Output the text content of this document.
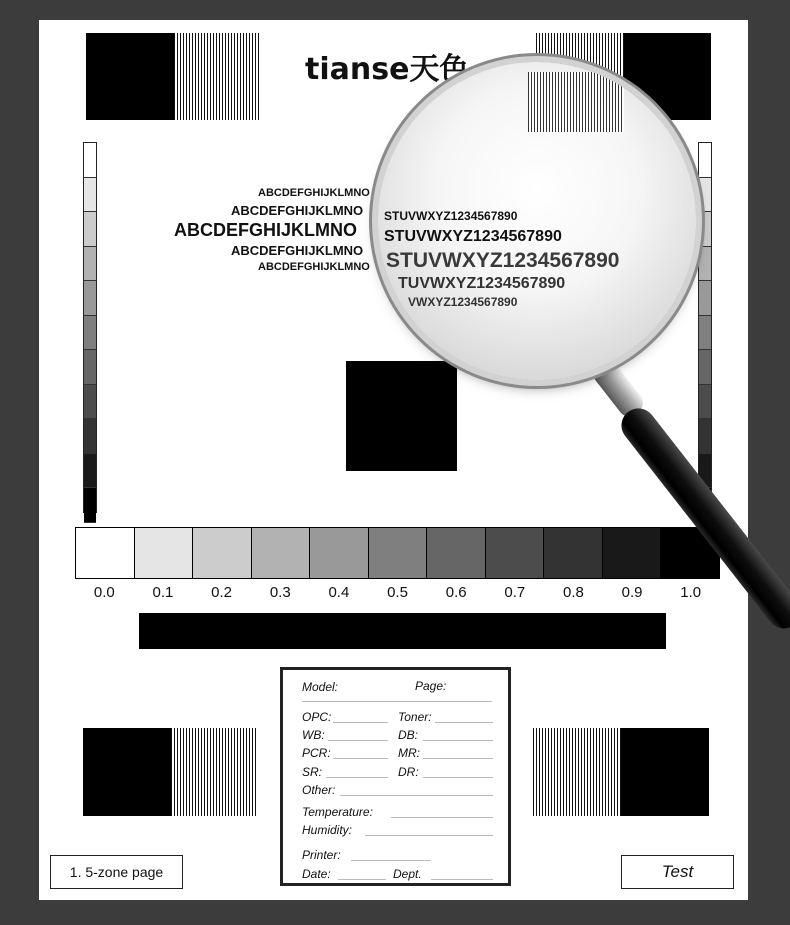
tianse天色
ABCDEFGHIJKLMNO
ABCDEFGHIJKLMNO
ABCDEFGHIJKLMNO
ABCDEFGHIJKLMNO
ABCDEFGHIJKLMNO
0.0	0.1	0.2	0.3	0.4	0.5	0.6	0.7	0.8	0.9	1.0
Model:	Page:
OPC:	Toner:
WB:	DB:
PCR:	MR:
SR:	DR:
Other:
Temperature:
Humidity:
Printer:
Date:	Dept.
1. 5-zone page	Test
STUVWXYZ1234567890
STUVWXYZ1234567890
STUVWXYZ1234567890
TUVWXYZ1234567890
VWXYZ1234567890
